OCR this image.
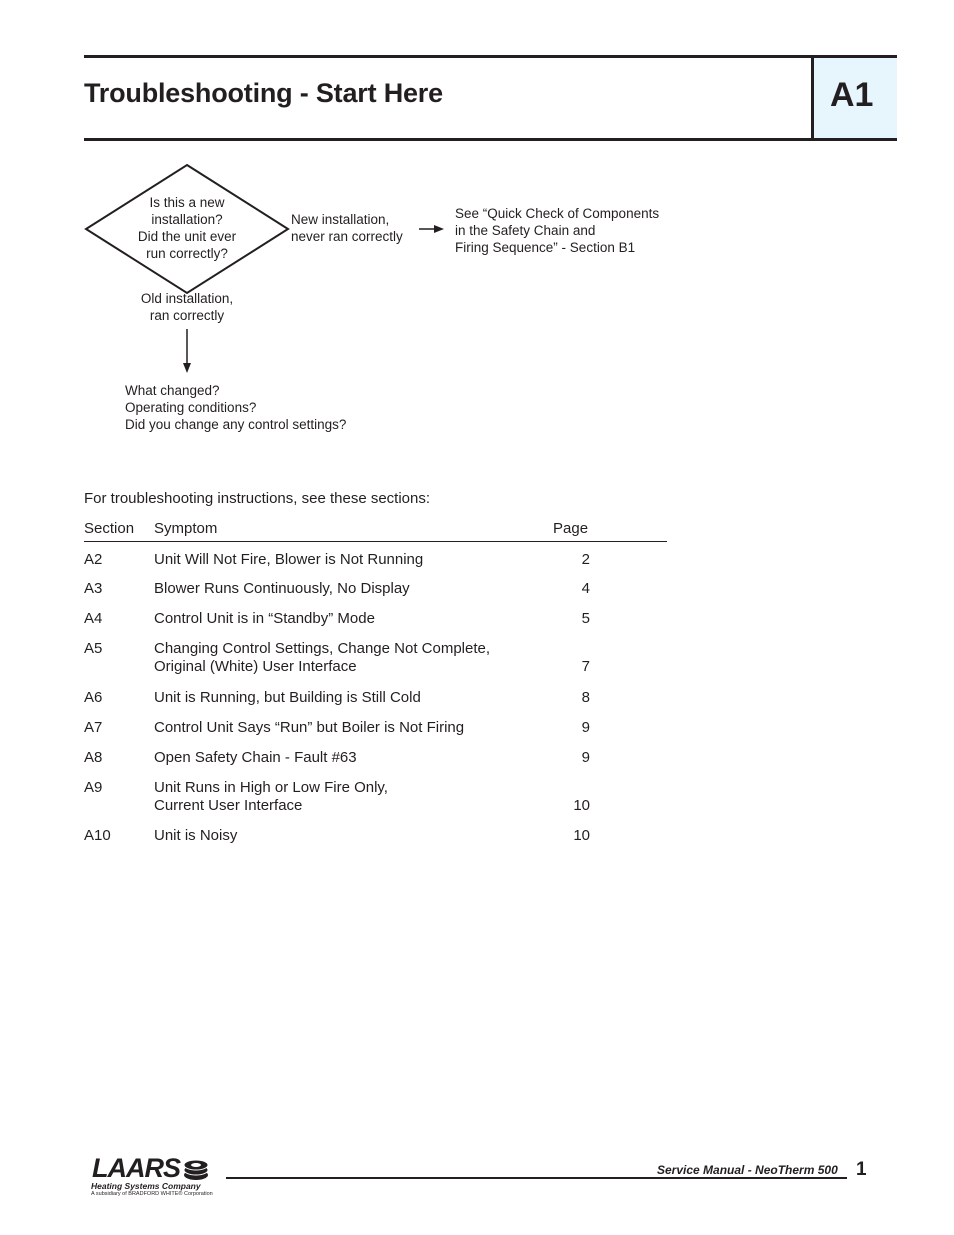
Troubleshooting - Start Here	A1
Is this a new
installation?
Did the unit ever
run correctly?
New installation,
never ran correctly
See “Quick Check of Components
in the Safety Chain and
Firing Sequence” - Section B1
Old installation,
ran correctly
What changed?
Operating conditions?
Did you change any control settings?
For troubleshooting instructions, see these sections:
Section Symptom	Page
A2	Unit Will Not Fire, Blower is Not Running	2
A3	Blower Runs Continuously, No Display	4
A4	Control Unit is in “Standby” Mode	5
A5	Changing Control Settings, Change Not Complete,
Original (White) User Interface	7
A6	Unit is Running, but Building is Still Cold	8
A7	Control Unit Says “Run” but Boiler is Not Firing	9
A8	Open Safety Chain - Fault #63	9
A9	Unit Runs in High or Low Fire Only,
Current User Interface	10
A10	Unit is Noisy	10
LAARS
Heating Systems Company
A subsidiary of BRADFORD WHITE® Corporation
Service Manual - NeoTherm 500 1
